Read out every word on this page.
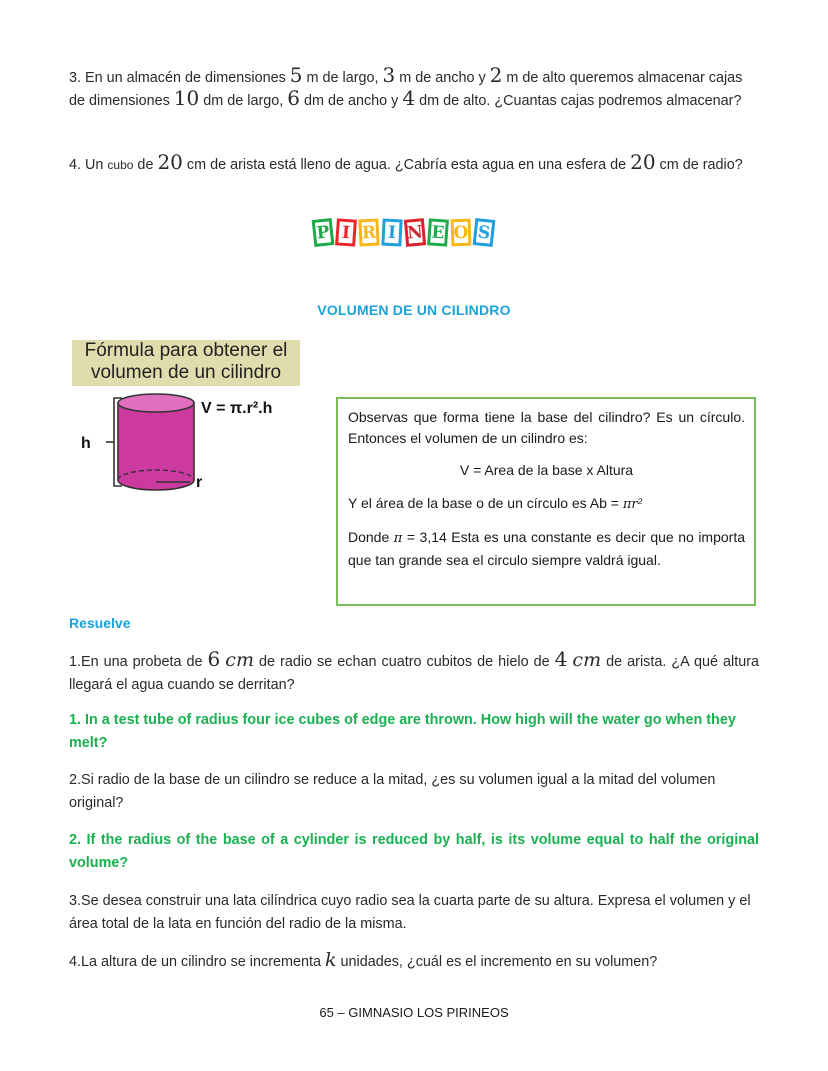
3. En un almacén de dimensiones 5 m de largo, 3 m de ancho y 2 m de alto queremos almacenar cajas de dimensiones 10 dm de largo, 6 dm de ancho y 4 dm de alto. ¿Cuantas cajas podremos almacenar?
4. Un cubo de 20 cm de arista está lleno de agua. ¿Cabría esta agua en una esfera de 20 cm de radio?
P I R I N E O S
VOLUMEN DE UN CILINDRO
Fórmula para obtener el
volumen de un cilindro
h
r
V = π.r².h	Observas que forma tiene la base del cilindro? Es un círculo. Entonces el volumen de un cilindro es:

V = Area de la base x Altura

Y el área de la base o de un círculo es Ab = πr²

Donde π = 3,14 Esta es una constante es decir que no importa que tan grande sea el circulo siempre valdrá igual.

Resuelve
1.En una probeta de 6 cm de radio se echan cuatro cubitos de hielo de 4 cm de arista. ¿A qué altura llegará el agua cuando se derritan?
1. In a test tube of radius four ice cubes of edge are thrown. How high will the water go when they melt?
2.Si radio de la base de un cilindro se reduce a la mitad, ¿es su volumen igual a la mitad del volumen original?
2. If the radius of the base of a cylinder is reduced by half, is its volume equal to half the original volume?
3.Se desea construir una lata cilíndrica cuyo radio sea la cuarta parte de su altura. Expresa el volumen y el área total de la lata en función del radio de la misma.
4.La altura de un cilindro se incrementa k unidades, ¿cuál es el incremento en su volumen?
65 – GIMNASIO LOS PIRINEOS
